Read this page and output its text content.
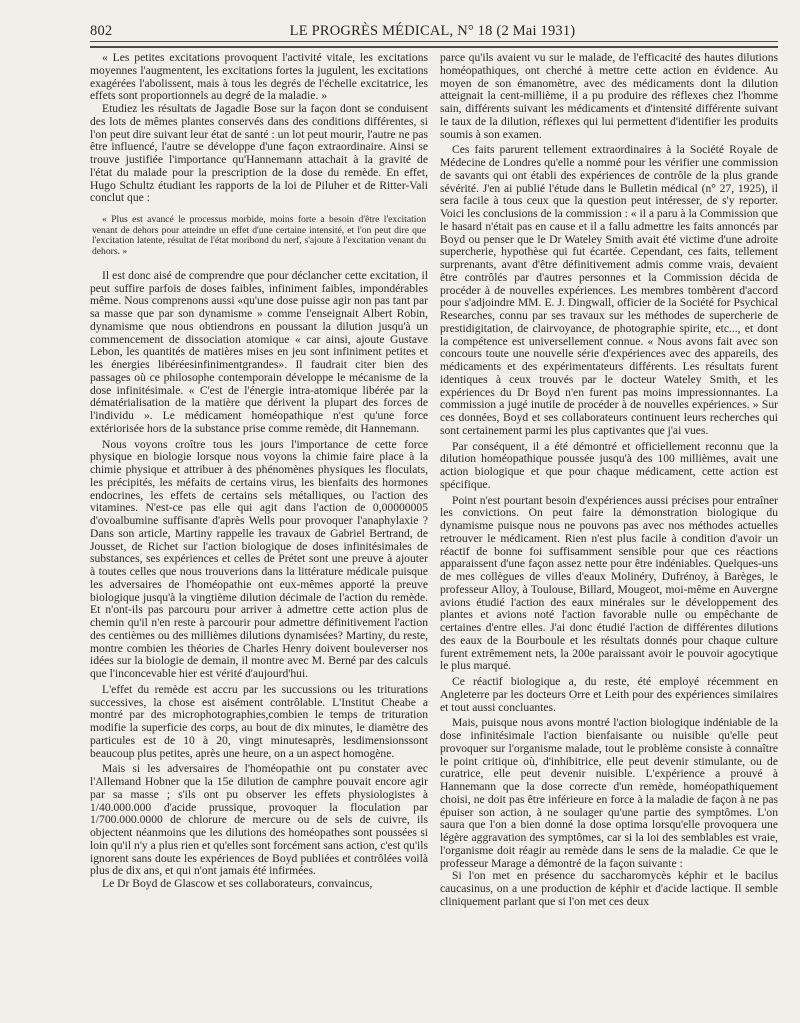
802	LE PROGRÈS MÉDICAL, N° 18 (2 Mai 1931)

« Les petites excitations provoquent l'activité vitale, les excitations moyennes l'augmentent, les excitations fortes la jugulent, les excitations exagérées l'abolissent, mais à tous les degrés de l'échelle excitatrice, les effets sont proportionnels au degré de la maladie. »

Etudiez les résultats de Jagadie Bose sur la façon dont se conduisent des lots de mêmes plantes conservés dans des conditions différentes, si l'on peut dire suivant leur état de santé : un lot peut mourir, l'autre ne pas être influencé, l'autre se développe d'une façon extraordinaire. Ainsi se trouve justifiée l'importance qu'Hannemann attachait à la gravité de l'état du malade pour la prescription de la dose du remède. En effet, Hugo Schultz étudiant les rapports de la loi de Piluher et de Ritter-Vali conclut que :

« Plus est avancé le processus morbide, moins forte a besoin d'être l'excitation venant de dehors pour atteindre un effet d'une certaine intensité, et l'on peut dire que l'excitation latente, résultat de l'état moribond du nerf, s'ajoute à l'excitation venant du dehors. »

Il est donc aisé de comprendre que pour déclancher cette excitation, il peut suffire parfois de doses faibles, infiniment faibles, impondérables même. Nous comprenons aussi «qu'une dose puisse agir non pas tant par sa masse que par son dynamisme » comme l'enseignait Albert Robin, dynamisme que nous obtiendrons en poussant la dilution jusqu'à un commencement de dissociation atomique « car ainsi, ajoute Gustave Lebon, les quantités de matières mises en jeu sont infiniment petites et les énergies libéréesinfinimentgrandes». Il faudrait citer bien des passages où ce philosophe contemporain développe le mécanisme de la dose infinitésimale. « C'est de l'énergie intra-atomique libérée par la dématérialisation de la matière que dérivent la plupart des forces de l'individu ». Le médicament homéopathique n'est qu'une force extériorisée hors de la substance prise comme remède, dit Hannemann.

Nous voyons croître tous les jours l'importance de cette force physique en biologie lorsque nous voyons la chimie faire place à la chimie physique et attribuer à des phénomènes physiques les floculats, les précipités, les méfaits de certains virus, les bienfaits des hormones endocrines, les effets de certains sels métalliques, ou l'action des vitamines. N'est-ce pas elle qui agit dans l'action de 0,00000005 d'ovoalbumine suffisante d'après Wells pour provoquer l'anaphylaxie ? Dans son article, Martiny rappelle les travaux de Gabriel Bertrand, de Jousset, de Richet sur l'action biologique de doses infinitésimales de substances, ses expériences et celles de Prétet sont une preuve à ajouter à toutes celles que nous trouverions dans la littérature médicale puisque les adversaires de l'homéopathie ont eux-mêmes apporté la preuve biologique jusqu'à la vingtième dilution décimale de l'action du remède. Et n'ont-ils pas parcouru pour arriver à admettre cette action plus de chemin qu'il n'en reste à parcourir pour admettre définitivement l'action des centièmes ou des millièmes dilutions dynamisées? Martiny, du reste, montre combien les théories de Charles Henry doivent bouleverser nos idées sur la biologie de demain, il montre avec M. Berné par des calculs que l'inconcevable hier est vérité d'aujourd'hui.

L'effet du remède est accru par les succussions ou les triturations successives, la chose est aisément contrôlable. L'Institut Cheabe a montré par des microphotographies,combien le temps de trituration modifie la superficie des corps, au bout de dix minutes, le diamètre des particules est de 10 à 20, vingt minutesaprès, lesdimensionssont beaucoup plus petites, après une heure, on a un aspect homogène.

Mais si les adversaires de l'homéopathie ont pu constater avec l'Allemand Hobner que la 15e dilution de camphre pouvait encore agir par sa masse ; s'ils ont pu observer les effets physiologistes à 1/40.000.000 d'acide prussique, provoquer la floculation par 1/700.000.0000 de chlorure de mercure ou de sels de cuivre, ils objectent néanmoins que les dilutions des homéopathes sont poussées si loin qu'il n'y a plus rien et qu'elles sont forcément sans action, c'est qu'ils ignorent sans doute les expériences de Boyd publiées et contrôlées voilà plus de dix ans, et qui n'ont jamais été infirmées.

Le Dr Boyd de Glascow et ses collaborateurs, convaincus,

parce qu'ils avaient vu sur le malade, de l'efficacité des hautes dilutions homéopathiques, ont cherché à mettre cette action en évidence. Au moyen de son émanomètre, avec des médicaments dont la dilution atteignait la cent-millième, il a pu produire des réflexes chez l'homme sain, différents suivant les médicaments et d'intensité différente suivant le taux de la dilution, réflexes qui lui permettent d'identifier les produits soumis à son examen.

Ces faits parurent tellement extraordinaires à la Société Royale de Médecine de Londres qu'elle a nommé pour les vérifier une commission de savants qui ont établi des expériences de contrôle de la plus grande sévérité. J'en ai publié l'étude dans le Bulletin médical (n° 27, 1925), il sera facile à tous ceux que la question peut intéresser, de s'y reporter. Voici les conclusions de la commission : « il a paru à la Commission que le hasard n'était pas en cause et il a fallu admettre les faits annoncés par Boyd ou penser que le Dr Wateley Smith avait été victime d'une adroite supercherie, hypothèse qui fut écartée. Cependant, ces faits, tellement surprenants, avant d'être définitivement admis comme vrais, devaient être contrôlés par d'autres personnes et la Commission décida de procéder à de nouvelles expériences. Les membres tombèrent d'accord pour s'adjoindre MM. E. J. Dingwall, officier de la Société for Psychical Researches, connu par ses travaux sur les méthodes de supercherie de prestidigitation, de clairvoyance, de photographie spirite, etc..., et dont la compétence est universellement connue. « Nous avons fait avec son concours toute une nouvelle série d'expériences avec des appareils, des médicaments et des expérimentateurs différents. Les résultats furent identiques à ceux trouvés par le docteur Wateley Smith, et les expériences du Dr Boyd n'en furent pas moins impressionnantes. La commission a jugé inutile de procéder à de nouvelles expériences. » Sur ces données, Boyd et ses collaborateurs continuent leurs recherches qui sont certainement parmi les plus captivantes que j'ai vues.

Par conséquent, il a été démontré et officiellement reconnu que la dilution homéopathique poussée jusqu'à des 100 millièmes, avait une action biologique et que pour chaque médicament, cette action est spécifique.

Point n'est pourtant besoin d'expériences aussi précises pour entraîner les convictions. On peut faire la démonstration biologique du dynamisme puisque nous ne pouvons pas avec nos méthodes actuelles retrouver le médicament. Rien n'est plus facile à condition d'avoir un réactif de bonne foi suffisamment sensible pour que ces réactions apparaissent d'une façon assez nette pour être indéniables. Quelques-uns de mes collègues de villes d'eaux Molinéry, Dufrénoy, à Barèges, le professeur Alloy, à Toulouse, Billard, Mougeot, moi-même en Auvergne avions étudié l'action des eaux minérales sur le développement des plantes et avions noté l'action favorable nulle ou empêchante de certaines d'entre elles. J'ai donc étudié l'action de différentes dilutions des eaux de la Bourboule et les résultats donnés pour chaque culture furent extrêmement nets, la 200e paraissant avoir le pouvoir agocytique le plus marqué.

Ce réactif biologique a, du reste, été employé récemment en Angleterre par les docteurs Orre et Leith pour des expériences similaires et tout aussi concluantes.

Mais, puisque nous avons montré l'action biologique indéniable de la dose infinitésimale l'action bienfaisante ou nuisible qu'elle peut provoquer sur l'organisme malade, tout le problème consiste à connaître le point critique où, d'inhibitrice, elle peut devenir stimulante, ou de curatrice, elle peut devenir nuisible. L'expérience a prouvé à Hannemann que la dose correcte d'un remède, homéopathiquement choisi, ne doit pas être inférieure en force à la maladie de façon à ne pas épuiser son action, à ne soulager qu'une partie des symptômes. L'on saura que l'on a bien donné la dose optima lorsqu'elle provoquera une légère aggravation des symptômes, car si la loi des semblables est vraie, l'organisme doit réagir au remède dans le sens de la maladie. Ce que le professeur Marage a démontré de la façon suivante :

Si l'on met en présence du saccharomycès képhir et le bacilus caucasinus, on a une production de képhir et d'acide lactique. Il semble cliniquement parlant que si l'on met ces deux
